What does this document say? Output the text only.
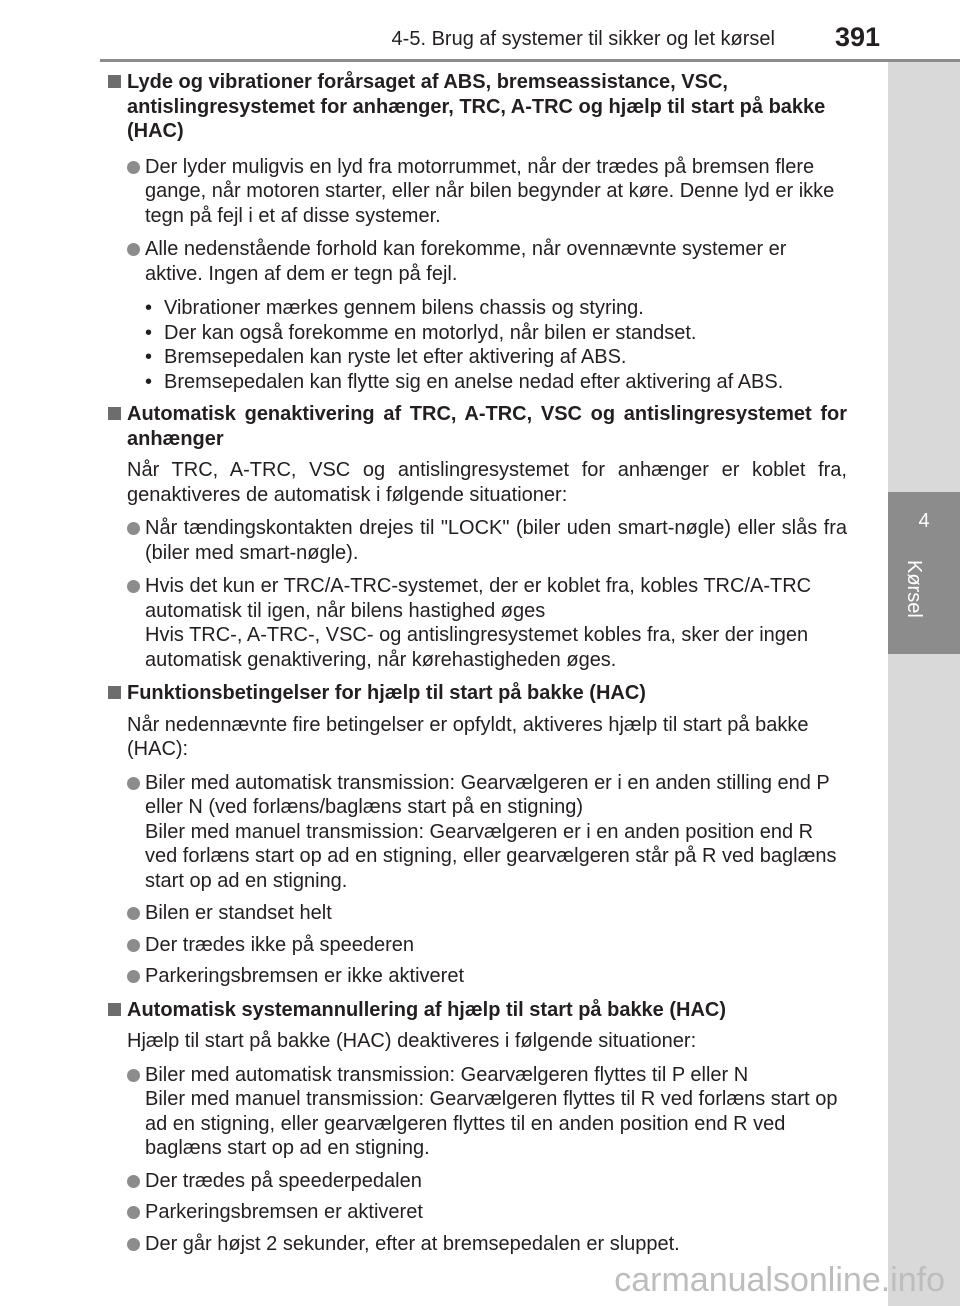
4-5. Brug af systemer til sikker og let kørsel 391
4
Kørsel
Lyde og vibrationer forårsaget af ABS, bremseassistance, VSC, antislingresystemet for anhænger, TRC, A-TRC og hjælp til start på bakke (HAC)
Der lyder muligvis en lyd fra motorrummet, når der trædes på bremsen flere gange, når motoren starter, eller når bilen begynder at køre. Denne lyd er ikke tegn på fejl i et af disse systemer.
Alle nedenstående forhold kan forekomme, når ovennævnte systemer er aktive. Ingen af dem er tegn på fejl.
• Vibrationer mærkes gennem bilens chassis og styring.
• Der kan også forekomme en motorlyd, når bilen er standset.
• Bremsepedalen kan ryste let efter aktivering af ABS.
• Bremsepedalen kan flytte sig en anelse nedad efter aktivering af ABS.
Automatisk genaktivering af TRC, A-TRC, VSC og antislingresystemet for anhænger
Når TRC, A-TRC, VSC og antislingresystemet for anhænger er koblet fra, genaktiveres de automatisk i følgende situationer:
Når tændingskontakten drejes til "LOCK" (biler uden smart-nøgle) eller slås fra (biler med smart-nøgle).
Hvis det kun er TRC/A-TRC-systemet, der er koblet fra, kobles TRC/A-TRC automatisk til igen, når bilens hastighed øges
Hvis TRC-, A-TRC-, VSC- og antislingresystemet kobles fra, sker der ingen automatisk genaktivering, når kørehastigheden øges.
Funktionsbetingelser for hjælp til start på bakke (HAC)
Når nedennævnte fire betingelser er opfyldt, aktiveres hjælp til start på bakke (HAC):
Biler med automatisk transmission: Gearvælgeren er i en anden stilling end P eller N (ved forlæns/baglæns start på en stigning)
Biler med manuel transmission: Gearvælgeren er i en anden position end R ved forlæns start op ad en stigning, eller gearvælgeren står på R ved baglæns start op ad en stigning.
Bilen er standset helt
Der trædes ikke på speederen
Parkeringsbremsen er ikke aktiveret
Automatisk systemannullering af hjælp til start på bakke (HAC)
Hjælp til start på bakke (HAC) deaktiveres i følgende situationer:
Biler med automatisk transmission: Gearvælgeren flyttes til P eller N
Biler med manuel transmission: Gearvælgeren flyttes til R ved forlæns start op ad en stigning, eller gearvælgeren flyttes til en anden position end R ved baglæns start op ad en stigning.
Der trædes på speederpedalen
Parkeringsbremsen er aktiveret
Der går højst 2 sekunder, efter at bremsepedalen er sluppet.
carmanualsonline.info
